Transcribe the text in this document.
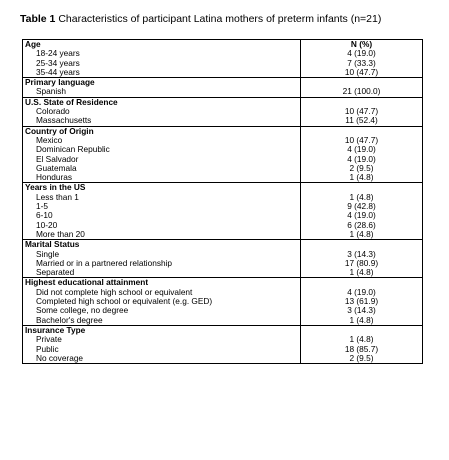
Table 1 Characteristics of participant Latina mothers of preterm infants (n=21)
Age	N (%)
18-24 years	4 (19.0)
25-34 years	7 (33.3)
35-44 years	10 (47.7)
Primary language	
Spanish	21 (100.0)
U.S. State of Residence	
Colorado	10 (47.7)
Massachusetts	11 (52.4)
Country of Origin	
Mexico	10 (47.7)
Dominican Republic	4 (19.0)
El Salvador	4 (19.0)
Guatemala	2 (9.5)
Honduras	1 (4.8)
Years in the US	
Less than 1	1 (4.8)
1-5	9 (42.8)
6-10	4 (19.0)
10-20	6 (28.6)
More than 20	1 (4.8)
Marital Status	
Single	3 (14.3)
Married or in a partnered relationship	17 (80.9)
Separated	1 (4.8)
Highest educational attainment	
Did not complete high school or equivalent	4 (19.0)
Completed high school or equivalent (e.g. GED)	13 (61.9)
Some college, no degree	3 (14.3)
Bachelor's degree	1 (4.8)
Insurance Type	
Private	1 (4.8)
Public	18 (85.7)
No coverage	2 (9.5)
